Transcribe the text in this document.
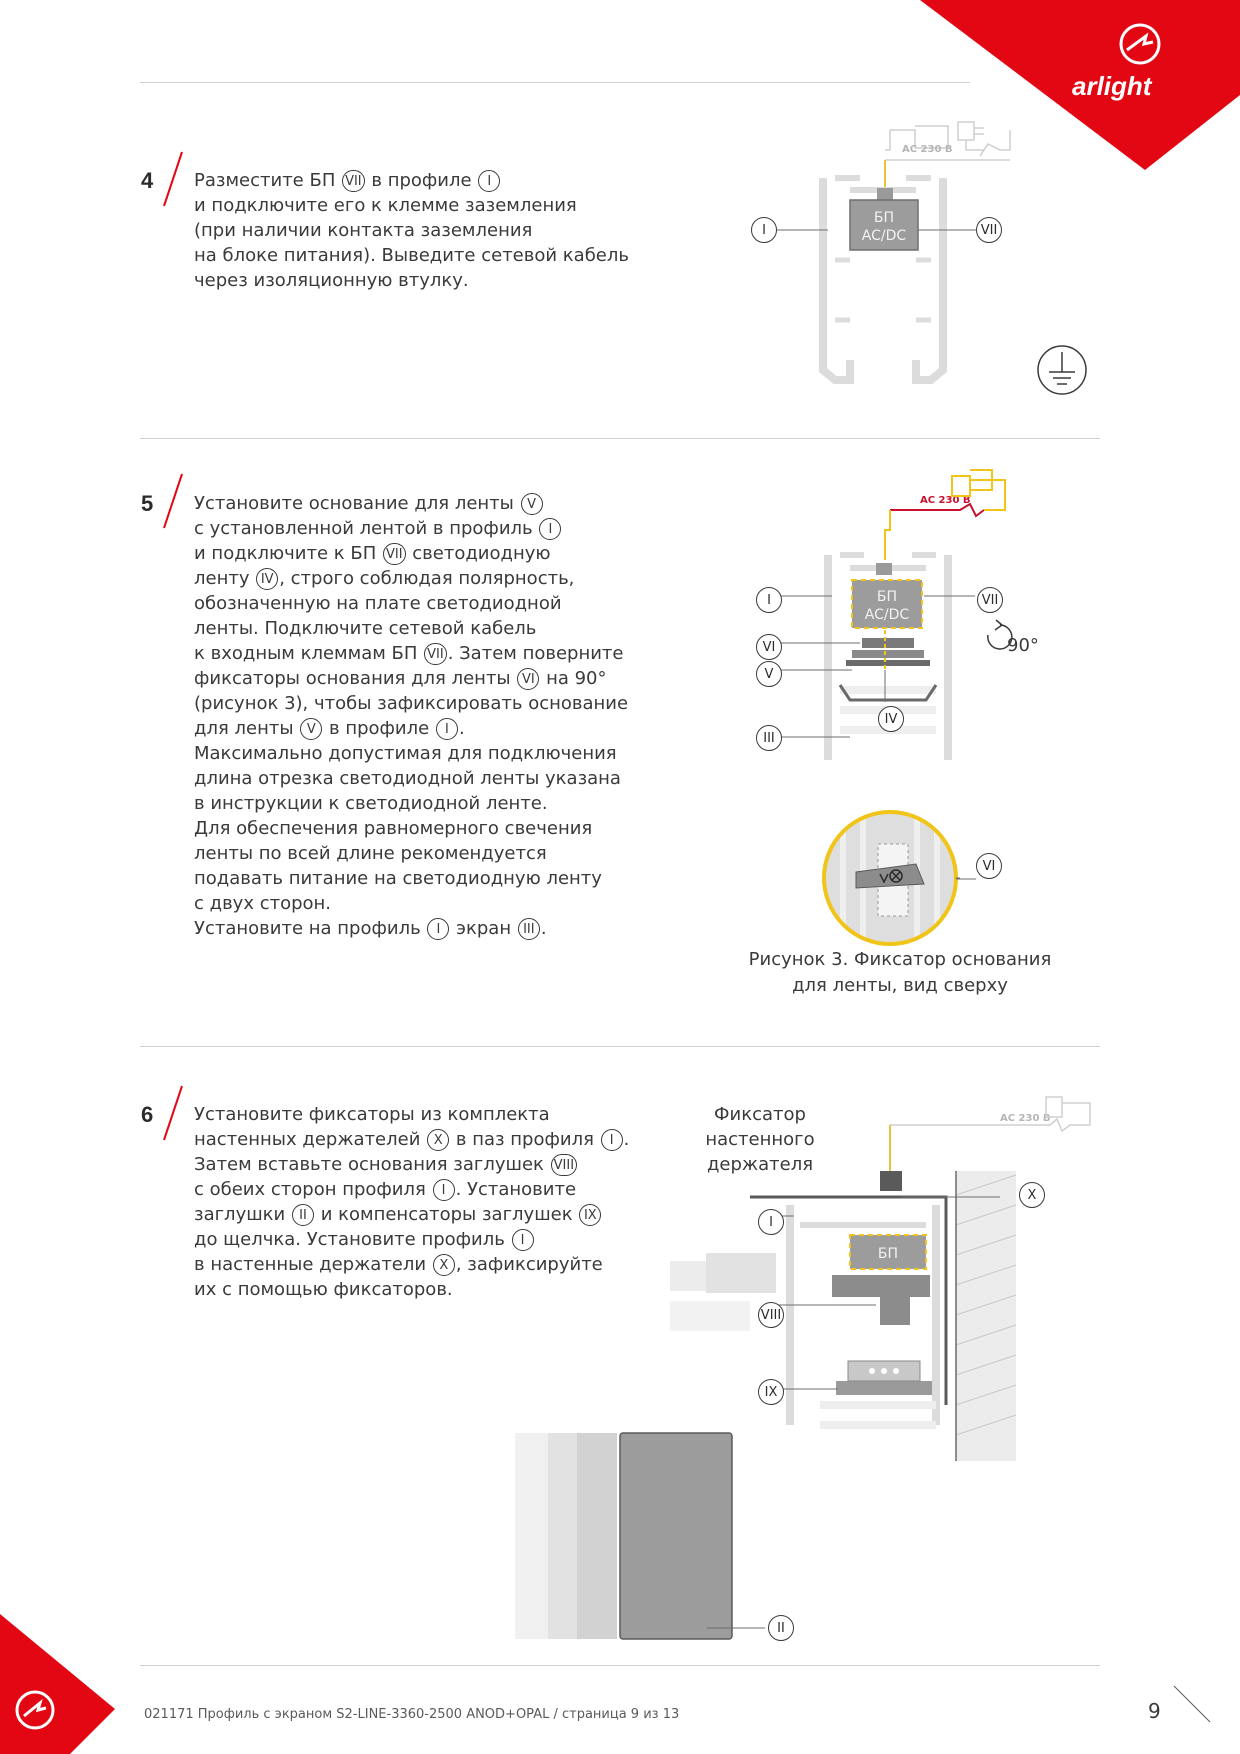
arlight
4
5
6

Разместите БП VII в профиле I

и подключите его к клемме заземления

(при наличии контакта заземления

на блоке питания). Выведите сетевой кабель

через изоляционную втулку.

Установите основание для ленты V

с установленной лентой в профиль I

и подключите к БП VII светодиодную

ленту IV , строго соблюдая полярность,

обозначенную на плате светодиодной

ленты. Подключите сетевой кабель

к входным клеммам БП VII . Затем поверните

фиксаторы основания для ленты VI на 90°

(рисунок 3), чтобы зафиксировать основание

для ленты V в профиле I .

Максимально допустимая для подключения

длина отрезка светодиодной ленты указана

в инструкции к светодиодной ленте.

Для обеспечения равномерного свечения

ленты по всей длине рекомендуется

подавать питание на светодиодную ленту

с двух сторон.

Установите на профиль I экран III .

Установите фиксаторы из комплекта

настенных держателей X в паз профиля I .

Затем вставьте основания заглушек VIII

с обеих сторон профиля I . Установите

заглушки II и компенсаторы заглушек IX

до щелчка. Установите профиль I

в настенные держатели X , зафиксируйте

их с помощью фиксаторов.

AC 230 В
БП
AC/DC
I	VII
AC 230 В
БП
AC/DC
90°
I	VII
VI
V
IV
III
VI
Рисунок 3. Фиксатор основания
для ленты, вид сверху
Фиксатор
настенного
держателя
AC 230 В
БП
X
I
VIII
IX
II
021171 Профиль с экраном S2-LINE-3360-2500 ANOD+OPAL / страница 9 из 13	9
